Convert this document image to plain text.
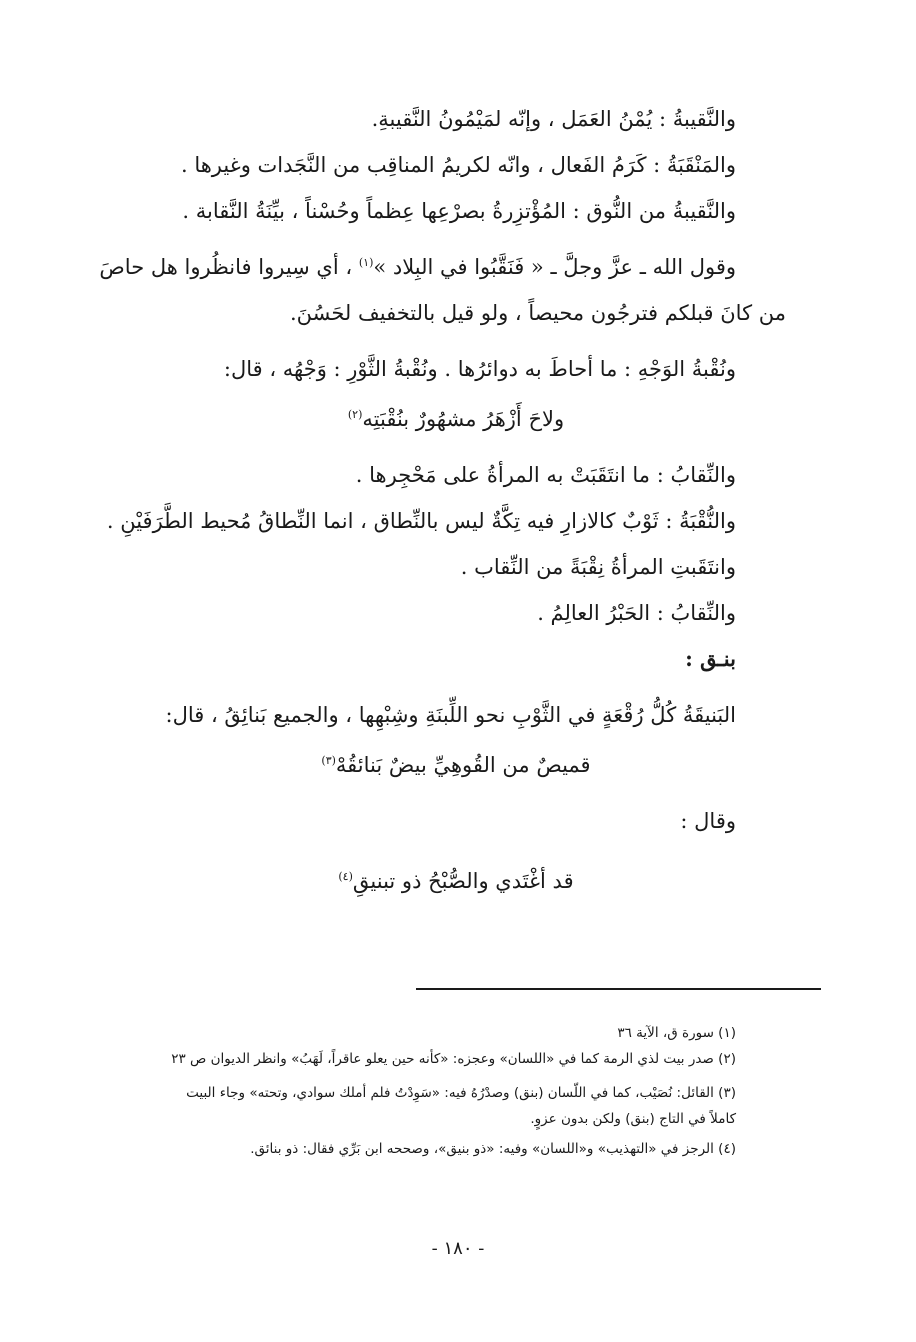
والنَّقيبةُ : يُمْنُ العَمَل ، وإنّه لمَيْمُونُ النَّقيبةِ.

والمَنْقَبَةُ : كَرَمُ الفَعال ، وانّه لكريمُ المناقِب من النَّجَدات وغيرها .

والنَّقيبةُ من النُّوق : المُؤْتزِرةُ بصرْعِها عِظماً وحُسْناً ، بيِّنَةُ النَّقابة .

وقول الله ـ عزَّ وجلَّ ـ « فَنَقَّبُوا في البِلاد »$^{(١)}$ ، أي سِيروا فانظُروا هل حاصَ

من كانَ قبلكم فترجُون محيصاً ، ولو قيل بالتخفيف لحَسُنَ.

ونُقْبةُ الوَجْهِ : ما أحاطَ به دوائرُها . ونُقْبةُ الثَّوْرِ : وَجْهُه ، قال:

ولاحَ أَزْهَرُ مشهُورٌ بنُقْبَتِه$^{(٢)}$

والنِّقابُ : ما انتَقَبَتْ به المرأةُ على مَحْجِرها .

والنُّقْبَةُ : ثَوْبٌ كالازارِ فيه تِكَّةٌ ليس بالنِّطاق ، انما النِّطاقُ مُحيط الطَّرَفَيْنِ .

وانتَقَبتِ المرأةُ نِقْبَةً من النِّقاب .

والنِّقابُ : الحَبْرُ العالِمُ .

بنـق :

البَنيقَةُ كُلُّ رُقْعَةٍ في الثَّوْبِ نحو اللِّبنَةِ وشِبْهِها ، والجميع بَنائِقُ ، قال:

قميصٌ من القُوهِيِّ بيضٌ بَنائقُهْ$^{(٣)}$

وقال :

قد أغْتَدي والصُّبْحُ ذو تبنيقِ$^{(٤)}$

(١) سورة ق، الآية ٣٦

(٢) صدر بيت لذي الرمة كما في «اللسان» وعجزه: «كأنه حين يعلو عاقراً، لَهَبُ» وانظر الديوان ص ٢٣

(٣) القائل: نُصَيْب، كما في اللّسان (بنق) وصدْرُهُ فيه: «سَوِدْتُ فلم أملك سوادي، وتحته» وجاء البيت

كاملاً في التاج (بنق) ولكن بدون عزوٍ.

(٤) الرجز في «التهذيب» و«اللسان» وفيه: «ذو بنيق»، وصححه ابن بَرِّي فقال: ذو بنائق.

- ١٨٠ -
